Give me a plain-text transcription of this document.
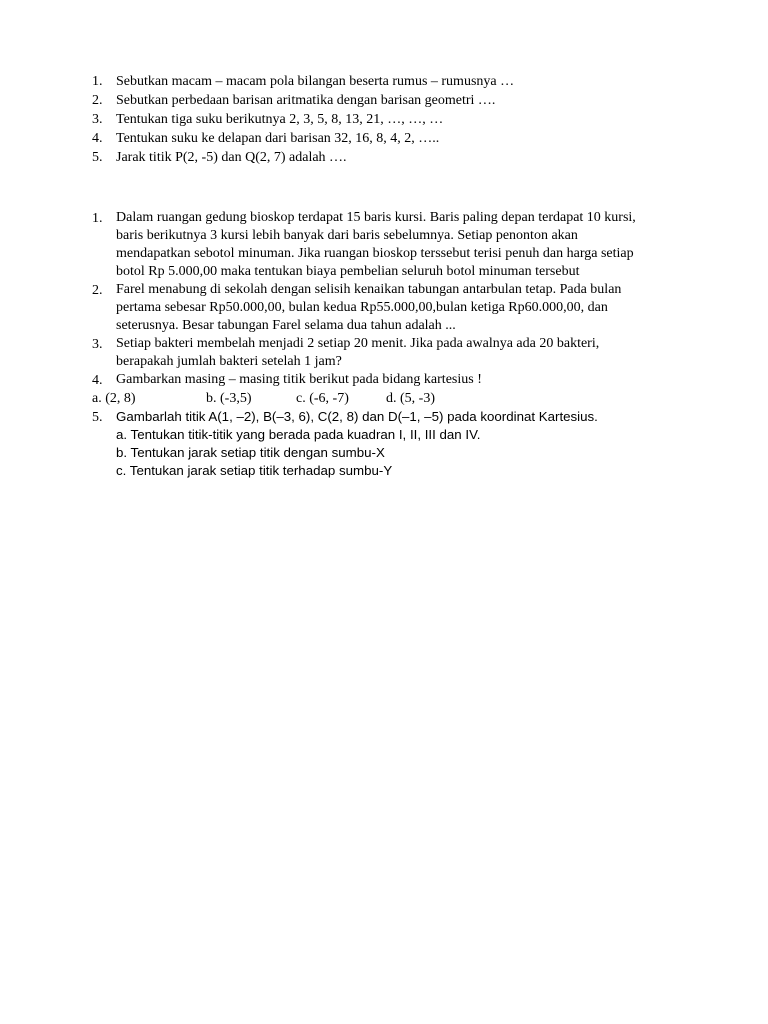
1. Sebutkan macam – macam pola bilangan beserta rumus – rumusnya …
2. Sebutkan perbedaan barisan aritmatika dengan barisan geometri ….
3. Tentukan tiga suku berikutnya 2, 3, 5, 8, 13, 21, …, …, …
4. Tentukan suku ke delapan dari barisan 32, 16, 8, 4, 2, …..
5. Jarak titik P(2, -5) dan Q(2, 7) adalah ….
1. Dalam ruangan gedung bioskop terdapat 15 baris kursi. Baris paling depan terdapat 10 kursi,
baris berikutnya 3 kursi lebih banyak dari baris sebelumnya. Setiap penonton akan
mendapatkan sebotol minuman. Jika ruangan bioskop terssebut terisi penuh dan harga setiap
botol Rp 5.000,00 maka tentukan biaya pembelian seluruh botol minuman tersebut
2. Farel menabung di sekolah dengan selisih kenaikan tabungan antarbulan tetap. Pada bulan
pertama sebesar Rp50.000,00, bulan kedua Rp55.000,00,bulan ketiga Rp60.000,00, dan
seterusnya. Besar tabungan Farel selama dua tahun adalah ...
3. Setiap bakteri membelah menjadi 2 setiap 20 menit. Jika pada awalnya ada 20 bakteri,
berapakah jumlah bakteri setelah 1 jam?
4. Gambarkan masing – masing titik berikut pada bidang kartesius !
a. (2, 8)	b. (-3,5)	c. (-6, -7)	d. (5, -3)
5.	Gambarlah titik A(1, –2), B(–3, 6), C(2, 8) dan D(–1, –5) pada koordinat Kartesius.
a. Tentukan titik-titik yang berada pada kuadran I, II, III dan IV.
b. Tentukan jarak setiap titik dengan sumbu-X
c. Tentukan jarak setiap titik terhadap sumbu-Y
